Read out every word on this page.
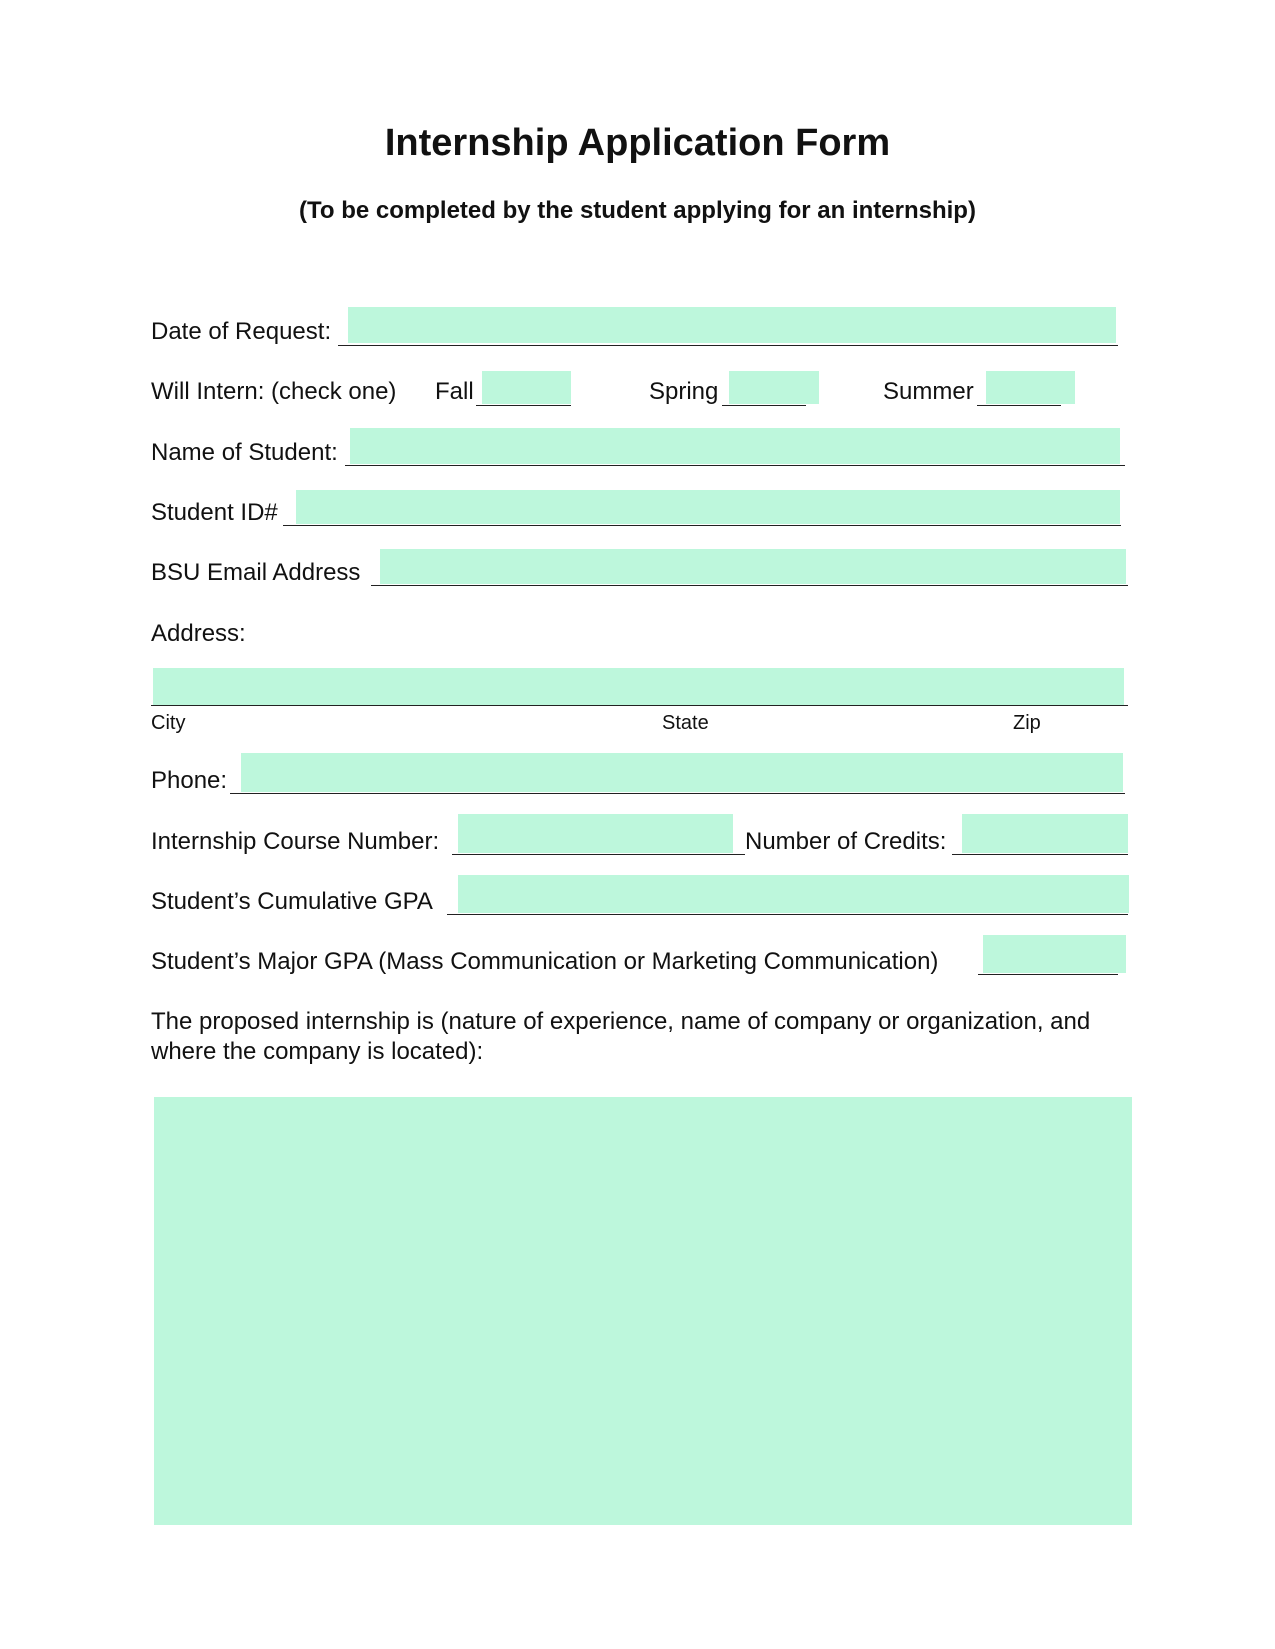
Internship Application Form

(To be completed by the student applying for an internship)

Date of Request:
Will Intern: (check one) Fall	Spring	Summer
Name of Student:
Student ID#
BSU Email Address
Address:
City	State	Zip
Phone:
Internship Course Number:	Number of Credits:
Student’s Cumulative GPA
Student’s Major GPA (Mass Communication or Marketing Communication)

The proposed internship is (nature of experience, name of company or organization, and where the company is located):
